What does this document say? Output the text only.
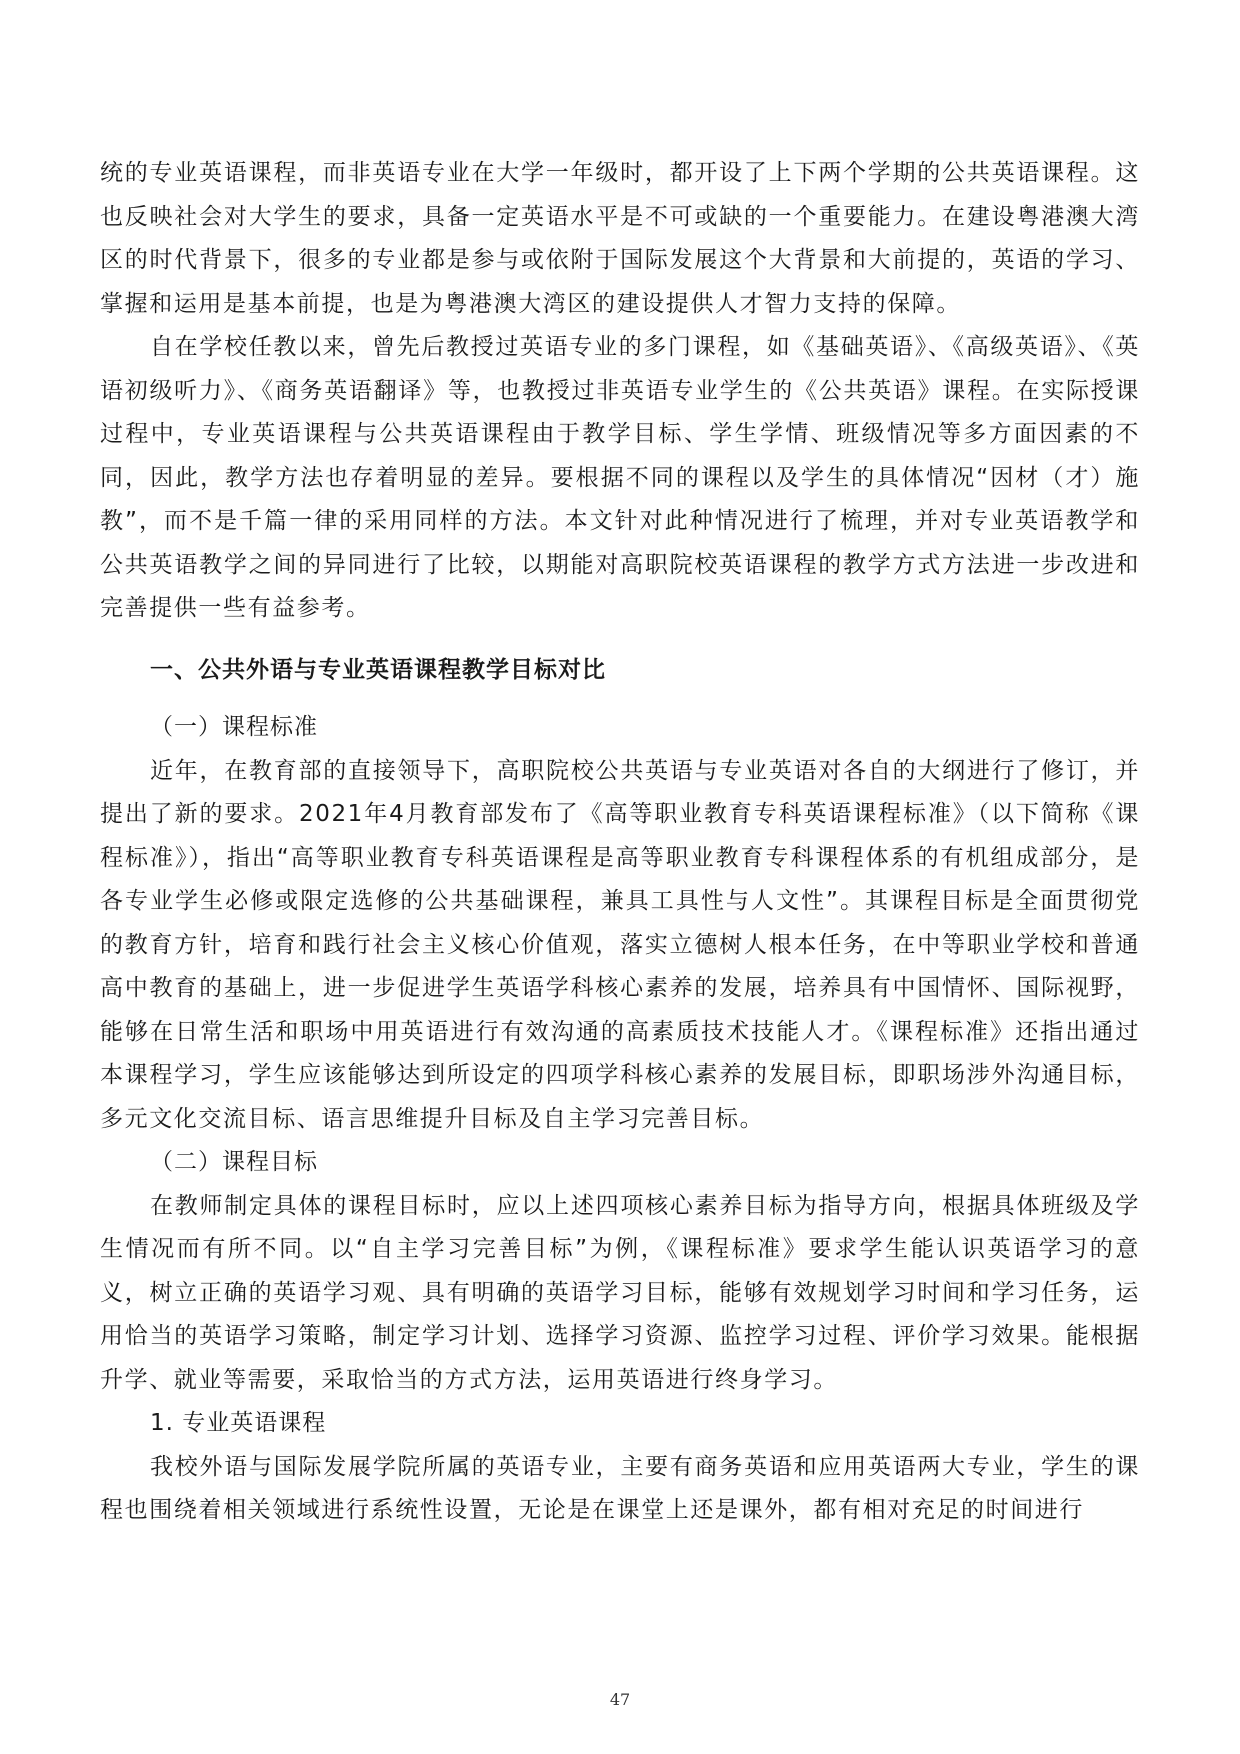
统的专业英语课程，而非英语专业在大学一年级时，都开设了上下两个学期的公共英语课程。这也反映社会对大学生的要求，具备一定英语水平是不可或缺的一个重要能力。在建设粤港澳大湾区的时代背景下，很多的专业都是参与或依附于国际发展这个大背景和大前提的，英语的学习、掌握和运用是基本前提，也是为粤港澳大湾区的建设提供人才智力支持的保障。

自在学校任教以来，曾先后教授过英语专业的多门课程，如《基础英语》、《高级英语》、《英语初级听力》、《商务英语翻译》等，也教授过非英语专业学生的《公共英语》课程。在实际授课过程中，专业英语课程与公共英语课程由于教学目标、学生学情、班级情况等多方面因素的不同，因此，教学方法也存着明显的差异。要根据不同的课程以及学生的具体情况“因材（才）施教”，而不是千篇一律的采用同样的方法。本文针对此种情况进行了梳理，并对专业英语教学和公共英语教学之间的异同进行了比较，以期能对高职院校英语课程的教学方式方法进一步改进和完善提供一些有益参考。

一、公共外语与专业英语课程教学目标对比

（一）课程标准

近年，在教育部的直接领导下，高职院校公共英语与专业英语对各自的大纲进行了修订，并提出了新的要求。2021年4月教育部发布了《高等职业教育专科英语课程标准》（以下简称《课程标准》），指出“高等职业教育专科英语课程是高等职业教育专科课程体系的有机组成部分，是各专业学生必修或限定选修的公共基础课程，兼具工具性与人文性”。其课程目标是全面贯彻党的教育方针，培育和践行社会主义核心价值观，落实立德树人根本任务，在中等职业学校和普通高中教育的基础上，进一步促进学生英语学科核心素养的发展，培养具有中国情怀、国际视野，能够在日常生活和职场中用英语进行有效沟通的高素质技术技能人才。《课程标准》还指出通过本课程学习，学生应该能够达到所设定的四项学科核心素养的发展目标，即职场涉外沟通目标，多元文化交流目标、语言思维提升目标及自主学习完善目标。

（二）课程目标

在教师制定具体的课程目标时，应以上述四项核心素养目标为指导方向，根据具体班级及学生情况而有所不同。以“自主学习完善目标”为例，《课程标准》要求学生能认识英语学习的意义，树立正确的英语学习观、具有明确的英语学习目标，能够有效规划学习时间和学习任务，运用恰当的英语学习策略，制定学习计划、选择学习资源、监控学习过程、评价学习效果。能根据升学、就业等需要，采取恰当的方式方法，运用英语进行终身学习。

1. 专业英语课程

我校外语与国际发展学院所属的英语专业，主要有商务英语和应用英语两大专业，学生的课程也围绕着相关领域进行系统性设置，无论是在课堂上还是课外，都有相对充足的时间进行

47
